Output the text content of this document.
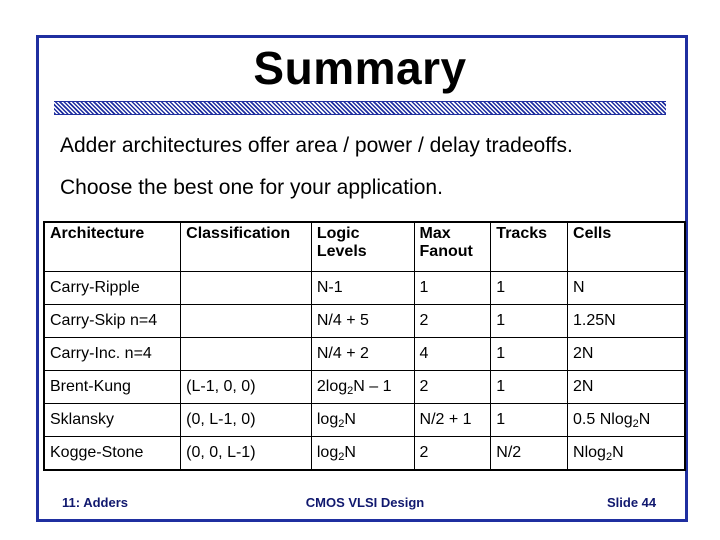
Summary
Adder architectures offer area / power / delay tradeoffs.
Choose the best one for your application.
Architecture	Classification	Logic Levels	Max Fanout	Tracks	Cells
Carry-Ripple		N-1	1	1	N
Carry-Skip n=4		N/4 + 5	2	1	1.25N
Carry-Inc. n=4		N/4 + 2	4	1	2N
Brent-Kung	(L-1, 0, 0)	$2\log_2N - 1$	2	1	2N
Sklansky	(0, L-1, 0)	$\log_2N$	N/2 + 1	1	0.5 Nlog$_2$N
Kogge-Stone	(0, 0, L-1)	$\log_2N$	2	N/2	Nlog$_2$N
11: Adders	CMOS VLSI Design	Slide 44
